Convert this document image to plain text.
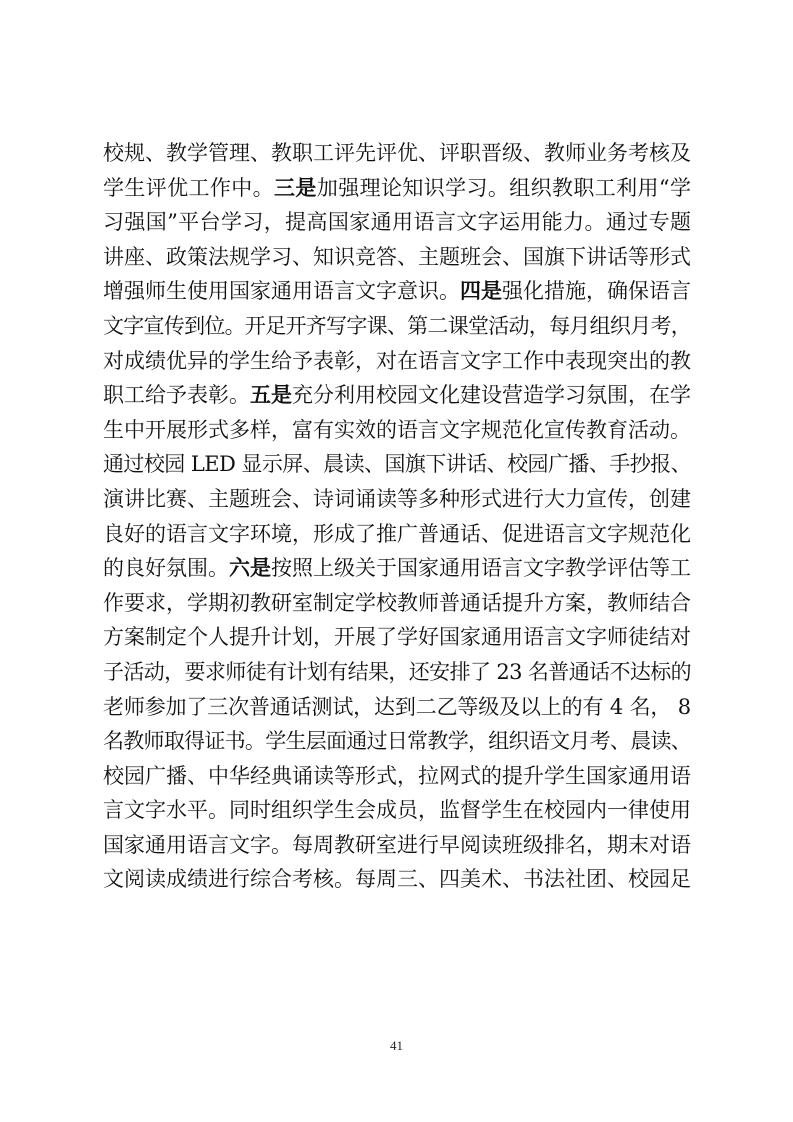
校规、教学管理、教职工评先评优、评职晋级、教师业务考核及
学生评优工作中。三是加强理论知识学习。组织教职工利用“学
习强国”平台学习，提高国家通用语言文字运用能力。通过专题
讲座、政策法规学习、知识竞答、主题班会、国旗下讲话等形式
增强师生使用国家通用语言文字意识。四是强化措施，确保语言
文字宣传到位。开足开齐写字课、第二课堂活动，每月组织月考，
对成绩优异的学生给予表彰，对在语言文字工作中表现突出的教
职工给予表彰。五是充分利用校园文化建设营造学习氛围，在学
生中开展形式多样，富有实效的语言文字规范化宣传教育活动。
通过校园 LED 显示屏、晨读、国旗下讲话、校园广播、手抄报、
演讲比赛、主题班会、诗词诵读等多种形式进行大力宣传，创建
良好的语言文字环境，形成了推广普通话、促进语言文字规范化
的良好氛围。六是按照上级关于国家通用语言文字教学评估等工
作要求，学期初教研室制定学校教师普通话提升方案，教师结合
方案制定个人提升计划，开展了学好国家通用语言文字师徒结对
子活动，要求师徒有计划有结果，还安排了 23 名普通话不达标的
老师参加了三次普通话测试，达到二乙等级及以上的有 4 名， 8
名教师取得证书。学生层面通过日常教学，组织语文月考、晨读、
校园广播、中华经典诵读等形式，拉网式的提升学生国家通用语
言文字水平。同时组织学生会成员，监督学生在校园内一律使用
国家通用语言文字。每周教研室进行早阅读班级排名，期末对语
文阅读成绩进行综合考核。每周三、四美术、书法社团、校园足
41
